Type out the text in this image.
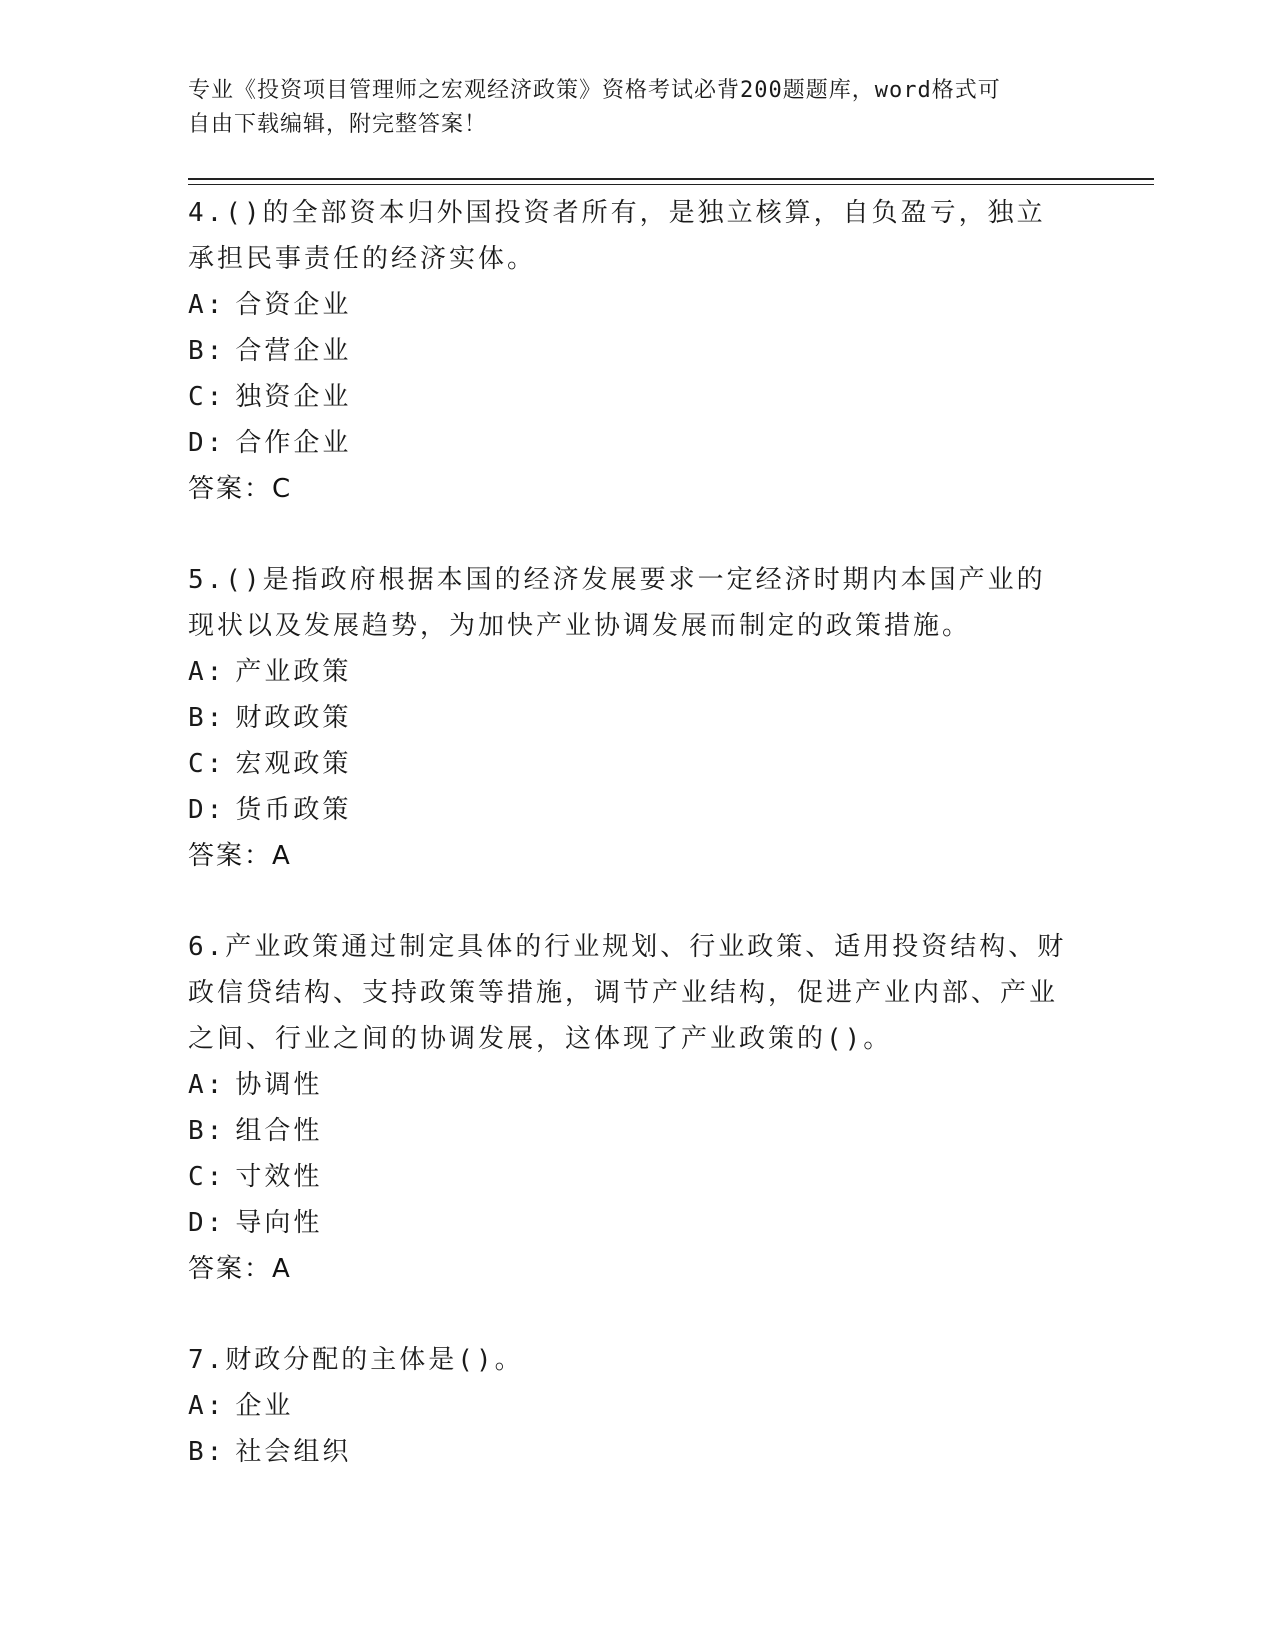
专业《投资项目管理师之宏观经济政策》资格考试必背200题题库，word格式可
自由下载编辑，附完整答案！
4.()的全部资本归外国投资者所有，是独立核算，自负盈亏，独立承担民事责任的经济实体。
A: 合资企业
B: 合营企业
C: 独资企业
D: 合作企业
答案：C
5.()是指政府根据本国的经济发展要求一定经济时期内本国产业的现状以及发展趋势，为加快产业协调发展而制定的政策措施。
A: 产业政策
B: 财政政策
C: 宏观政策
D: 货币政策
答案：A
6.产业政策通过制定具体的行业规划、行业政策、适用投资结构、财政信贷结构、支持政策等措施，调节产业结构，促进产业内部、产业之间、行业之间的协调发展，这体现了产业政策的()。
A: 协调性
B: 组合性
C: 寸效性
D: 导向性
答案：A
7.财政分配的主体是()。
A: 企业
B: 社会组织
